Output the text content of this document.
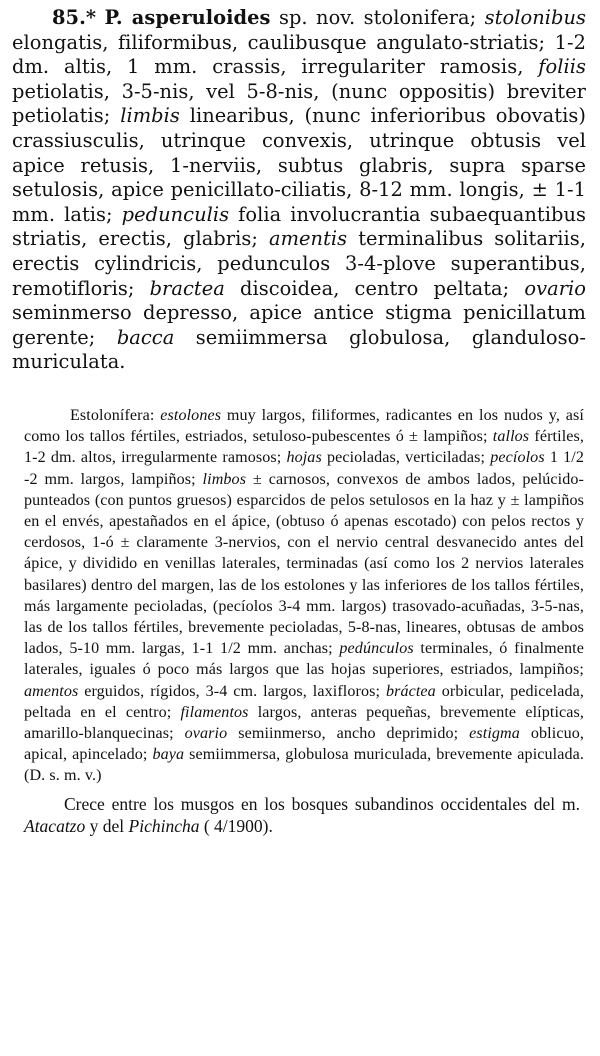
85.* P. asperuloides sp. nov. stolonifera; stolonibus elongatis, filiformibus, caulibusque angulato-striatis; 1-2 dm. altis, 1 mm. crassis, irregulariter ramosis, foliis petiolatis, 3-5-nis, vel 5-8-nis, (nunc oppositis) breviter petiolatis; limbis linearibus, (nunc inferioribus obovatis) crassiusculis, utrinque convexis, utrinque obtusis vel apice retusis, 1-nerviis, subtus glabris, supra sparse setulosis, apice penicillato-ciliatis, 8-12 mm. longis, ± 1-1 mm. latis; pedunculis folia involucrantia subaequantibus striatis, erectis, glabris; amentis terminalibus solitariis, erectis cylindricis, pedunculos 3-4-plove superantibus, remotifloris; bractea discoidea, centro peltata; ovario seminmerso depresso, apice antice stigma penicillatum gerente; bacca semiimmersa globulosa, glanduloso-muriculata.

Estolonífera: estolones muy largos, filiformes, radicantes en los nudos y, así como los tallos fértiles, estriados, setuloso-pubescentes ó ± lampiños; tallos fértiles, 1-2 dm. altos, irregularmente ramosos; hojas pecioladas, verticiladas; pecíolos 1 1/2 -2 mm. largos, lampiños; limbos ± carnosos, convexos de ambos lados, pelúcido-punteados (con puntos gruesos) esparcidos de pelos setulosos en la haz y ± lampiños en el envés, apestañados en el ápice, (obtuso ó apenas escotado) con pelos rectos y cerdosos, 1-ó ± claramente 3-nervios, con el nervio central desvanecido antes del ápice, y dividido en venillas laterales, terminadas (así como los 2 nervios laterales basilares) dentro del margen, las de los estolones y las inferiores de los tallos fértiles, más largamente pecioladas, (pecíolos 3-4 mm. largos) trasovado-acuñadas, 3-5-nas, las de los tallos fértiles, brevemente pecioladas, 5-8-nas, lineares, obtusas de ambos lados, 5-10 mm. largas, 1-1 1/2 mm. anchas; pedúnculos terminales, ó finalmente laterales, iguales ó poco más largos que las hojas superiores, estriados, lampiños; amentos erguidos, rígidos, 3-4 cm. largos, laxifloros; bráctea orbicular, pedicelada, peltada en el centro; filamentos largos, anteras pequeñas, brevemente elípticas, amarillo-blanquecinas; ovario semiinmerso, ancho deprimido; estigma oblicuo, apical, apincelado; baya semiimmersa, globulosa muriculada, brevemente apiculada. (D. s. m. v.)

Crece entre los musgos en los bosques subandinos occidentales del m. Atacatzo y del Pichincha ( 4/1900).
